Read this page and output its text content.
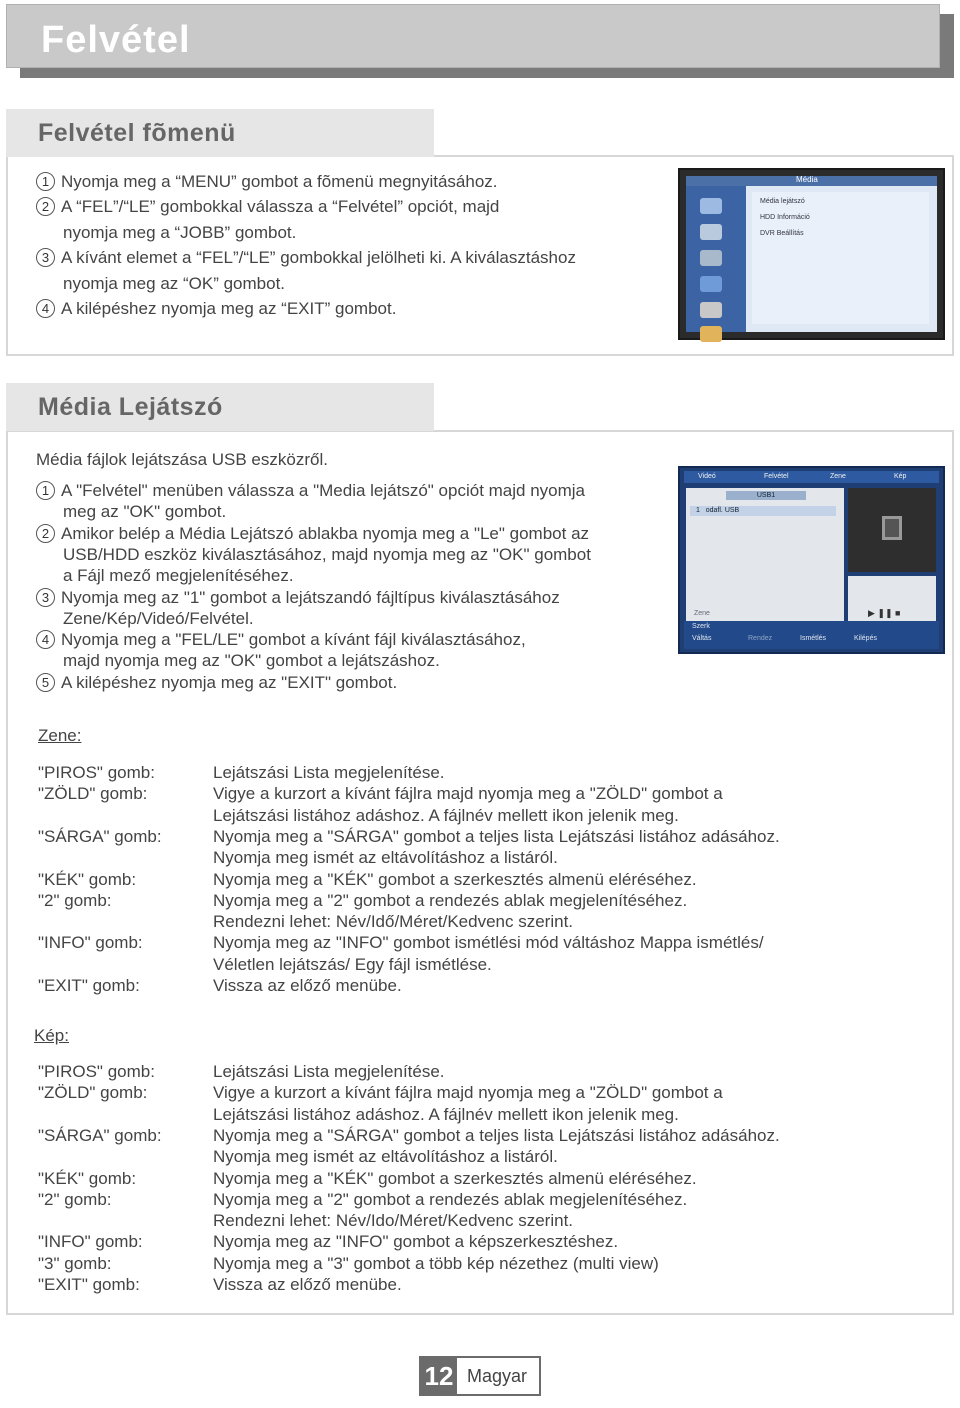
Felvétel
Felvétel fõmenü
1 Nyomja meg a “MENU” gombot a fõmenü megnyitásához.
2 A “FEL”/“LE” gombokkal válassza a “Felvétel” opciót, majd
nyomja meg a “JOBB” gombot.
3 A kívánt elemet a “FEL”/“LE” gombokkal jelölheti ki. A kiválasztáshoz
nyomja meg az “OK” gombot.
4 A kilépéshez nyomja meg az “EXIT” gombot.
Média
Média lejátszó
HDD Információ
DVR Beállítás
Média Lejátszó
Média fájlok lejátszása USB eszközről.
1 A "Felvétel" menüben válassza a "Media lejátszó" opciót majd nyomja
meg az "OK" gombot.
2 Amikor belép a Média Lejátszó ablakba nyomja meg a "Le" gombot az
USB/HDD eszköz kiválasztásához, majd nyomja meg az "OK" gombot
a Fájl mező megjelenítéséhez.
3 Nyomja meg az "1" gombot a lejátszandó fájltípus kiválasztásához
Zene/Kép/Videó/Felvétel.
4 Nyomja meg a "FEL/LE" gombot a kívánt fájl kiválasztásához,
majd nyomja meg az "OK" gombot a lejátszáshoz.
5 A kilépéshez nyomja meg az "EXIT" gombot.
Videó	Felvétel	Zene	Kép
USB1
1 odafl. USB
Zene	▶ ❚❚ ■
Szerk
Váltás	Rendez	Ismétlés	Kilépés
Zene:
"PIROS" gomb:	Lejátszási Lista megjelenítése.
"ZÖLD" gomb:	Vigye a kurzort a kívánt fájlra majd nyomja meg a "ZÖLD" gombot a
Lejátszási listához adáshoz. A fájlnév mellett ikon jelenik meg.
"SÁRGA" gomb:	Nyomja meg a "SÁRGA" gombot a teljes lista Lejátszási listához adásához.
Nyomja meg ismét az eltávolításhoz a listáról.
"KÉK" gomb:	Nyomja meg a "KÉK" gombot a szerkesztés almenü eléréséhez.
"2" gomb:	Nyomja meg a "2" gombot a rendezés ablak megjelenítéséhez.
Rendezni lehet: Név/Idő/Méret/Kedvenc szerint.
"INFO" gomb:	Nyomja meg az "INFO" gombot ismétlési mód váltáshoz Mappa ismétlés/
Véletlen lejátszás/ Egy fájl ismétlése.
"EXIT" gomb:	Vissza az előző menübe.
Kép:
"PIROS" gomb:	Lejátszási Lista megjelenítése.
"ZÖLD" gomb:	Vigye a kurzort a kívánt fájlra majd nyomja meg a "ZÖLD" gombot a
Lejátszási listához adáshoz. A fájlnév mellett ikon jelenik meg.
"SÁRGA" gomb:	Nyomja meg a "SÁRGA" gombot a teljes lista Lejátszási listához adásához.
Nyomja meg ismét az eltávolításhoz a listáról.
"KÉK" gomb:	Nyomja meg a "KÉK" gombot a szerkesztés almenü eléréséhez.
"2" gomb:	Nyomja meg a "2" gombot a rendezés ablak megjelenítéséhez.
Rendezni lehet: Név/Ido/Méret/Kedvenc szerint.
"INFO" gomb:	Nyomja meg az "INFO" gombot a képszerkesztéshez.
"3" gomb:	Nyomja meg a "3" gombot a több kép nézethez (multi view)
"EXIT" gomb:	Vissza az előző menübe.
12 Magyar
